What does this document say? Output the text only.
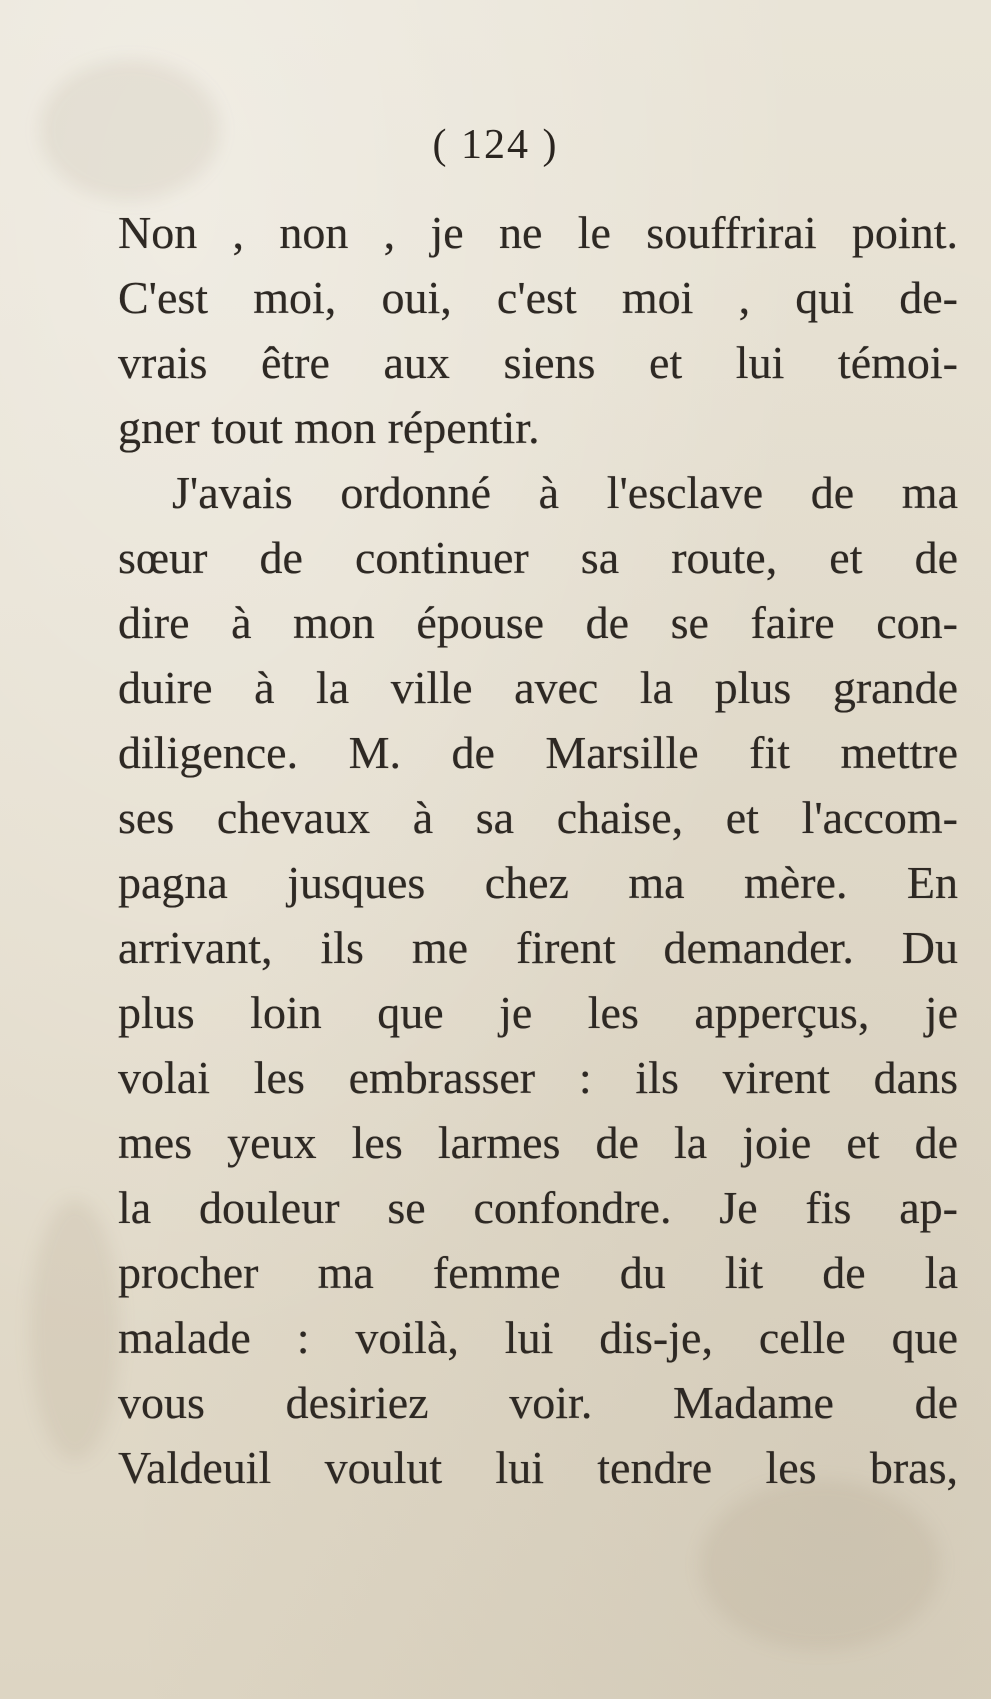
( 124 )
Non , non , je ne le souffrirai point.
C'est moi, oui, c'est moi , qui de-
vrais être aux siens et lui témoi-
gner tout mon répentir.
J'avais ordonné à l'esclave de ma
sœur de continuer sa route, et de
dire à mon épouse de se faire con-
duire à la ville avec la plus grande
diligence. M. de Marsille fit mettre
ses chevaux à sa chaise, et l'accom-
pagna jusques chez ma mère. En
arrivant, ils me firent demander. Du
plus loin que je les apperçus, je
volai les embrasser : ils virent dans
mes yeux les larmes de la joie et de
la douleur se confondre. Je fis ap-
procher ma femme du lit de la
malade : voilà, lui dis-je, celle que
vous desiriez voir. Madame de
Valdeuil voulut lui tendre les bras,
